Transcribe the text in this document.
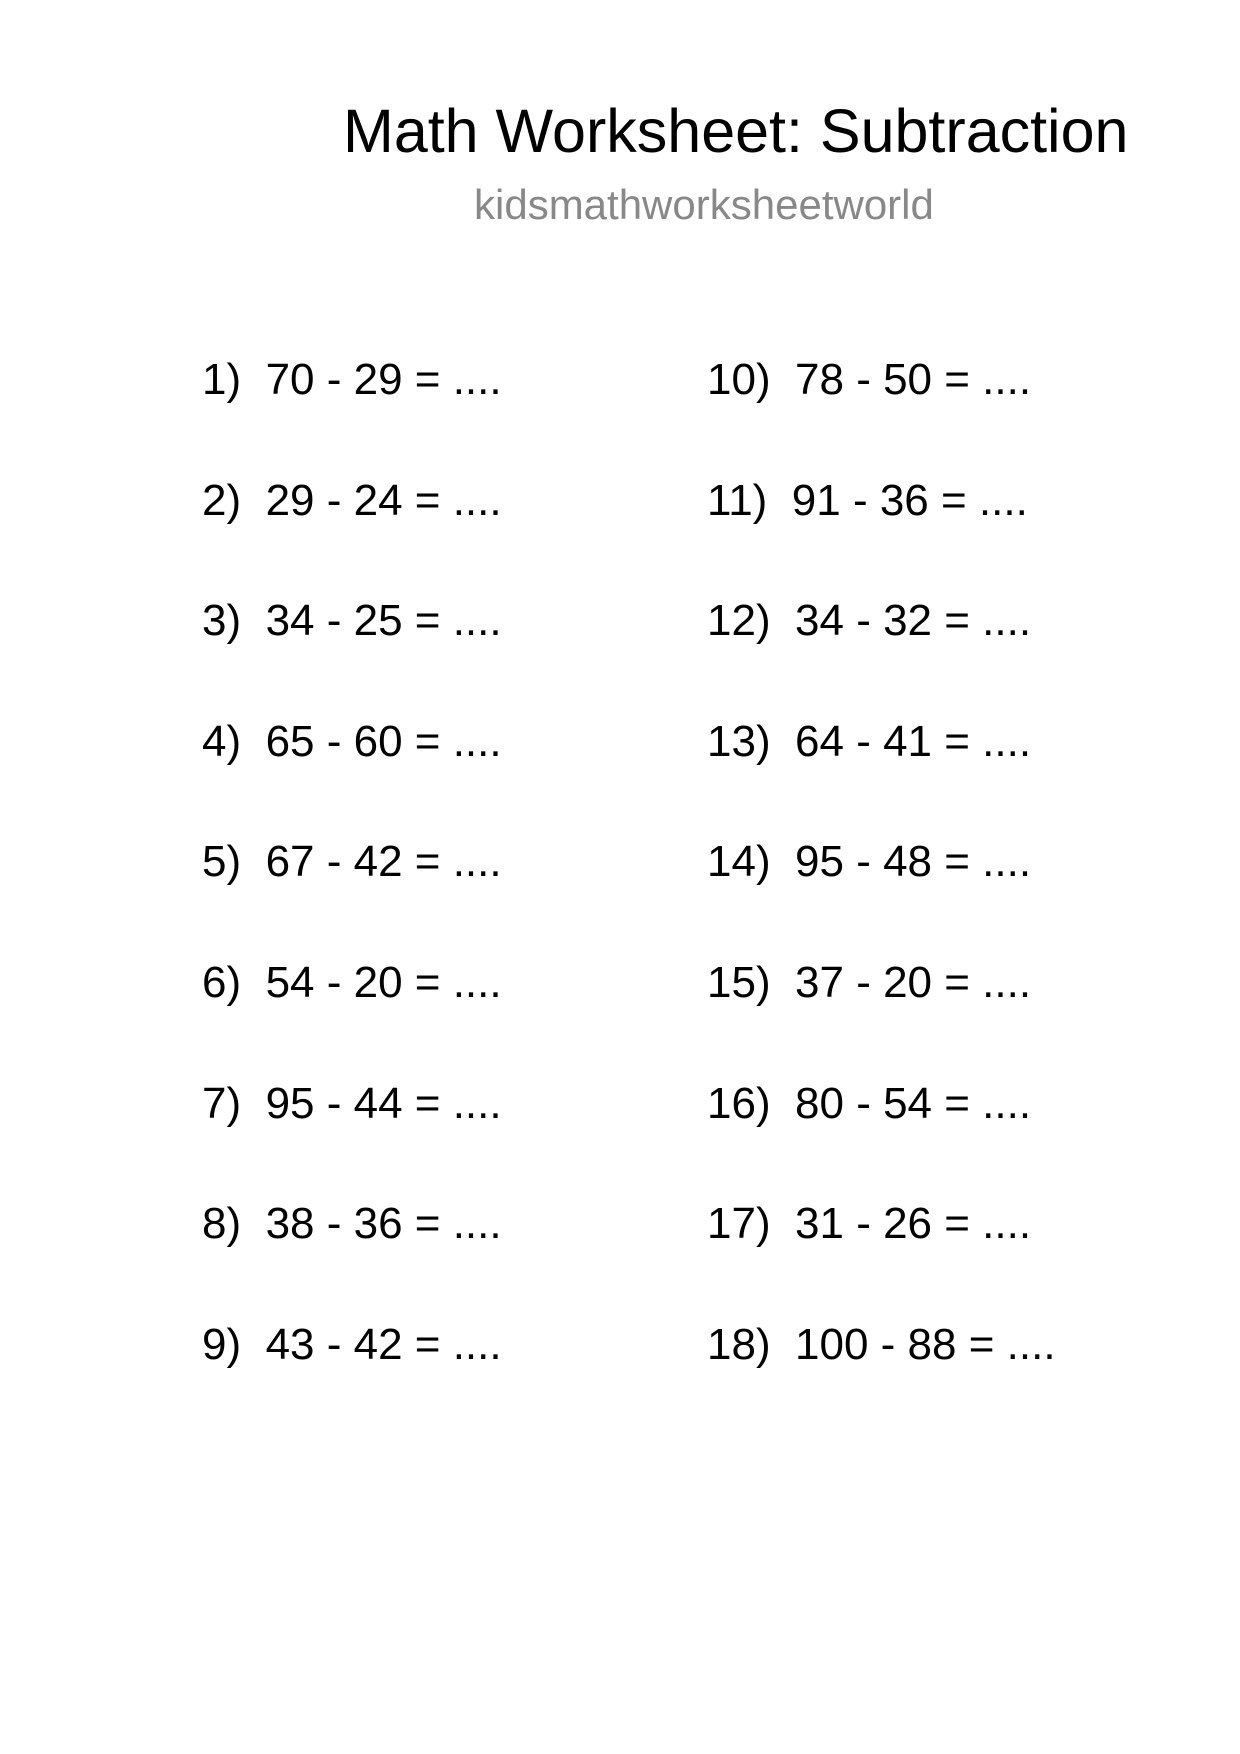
Math Worksheet: Subtraction
kidsmathworksheetworld
1) 70 - 29 = ....
2) 29 - 24 = ....
3) 34 - 25 = ....
4) 65 - 60 = ....
5) 67 - 42 = ....
6) 54 - 20 = ....
7) 95 - 44 = ....
8) 38 - 36 = ....
9) 43 - 42 = ....
10) 78 - 50 = ....
11) 91 - 36 = ....
12) 34 - 32 = ....
13) 64 - 41 = ....
14) 95 - 48 = ....
15) 37 - 20 = ....
16) 80 - 54 = ....
17) 31 - 26 = ....
18) 100 - 88 = ....
